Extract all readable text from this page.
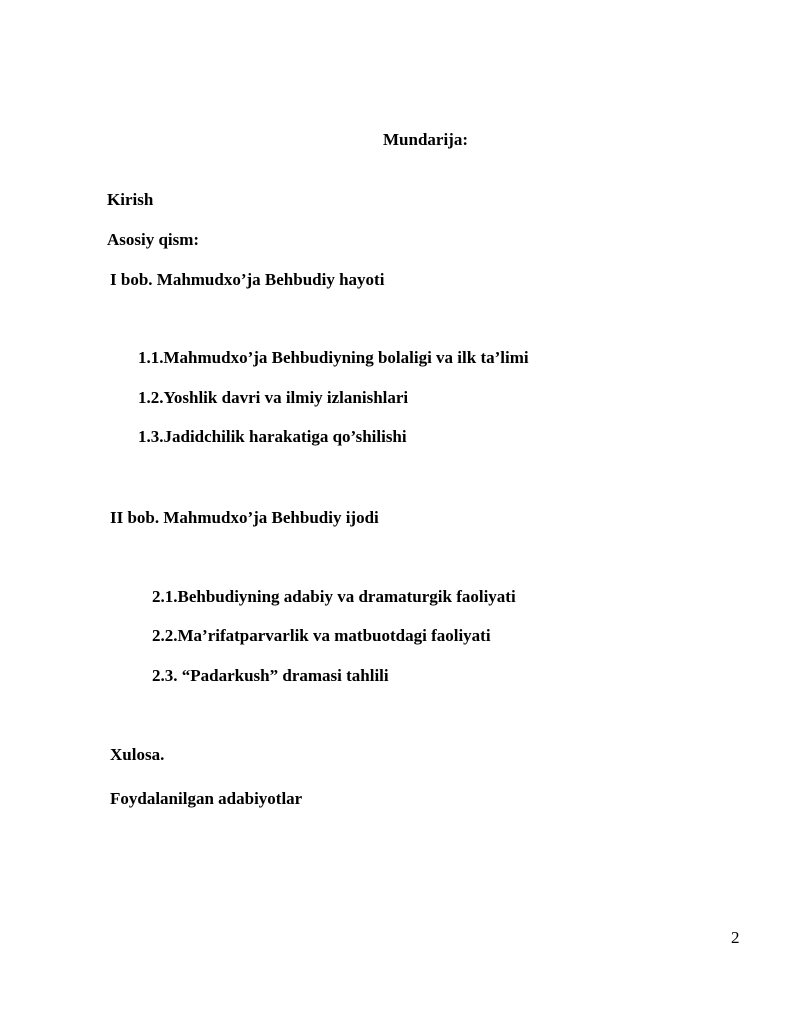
Mundarija:
Kirish
Asosiy qism:
I bob. Mahmudxo’ja Behbudiy hayoti
1.1.Mahmudxo’ja Behbudiyning bolaligi va ilk ta’limi
1.2.Yoshlik davri va ilmiy izlanishlari
1.3.Jadidchilik harakatiga qo’shilishi
II bob. Mahmudxo’ja Behbudiy ijodi
2.1.Behbudiyning adabiy va dramaturgik faoliyati
2.2.Ma’rifatparvarlik va matbuotdagi faoliyati
2.3. “Padarkush” dramasi tahlili
Xulosa.
Foydalanilgan adabiyotlar
2
